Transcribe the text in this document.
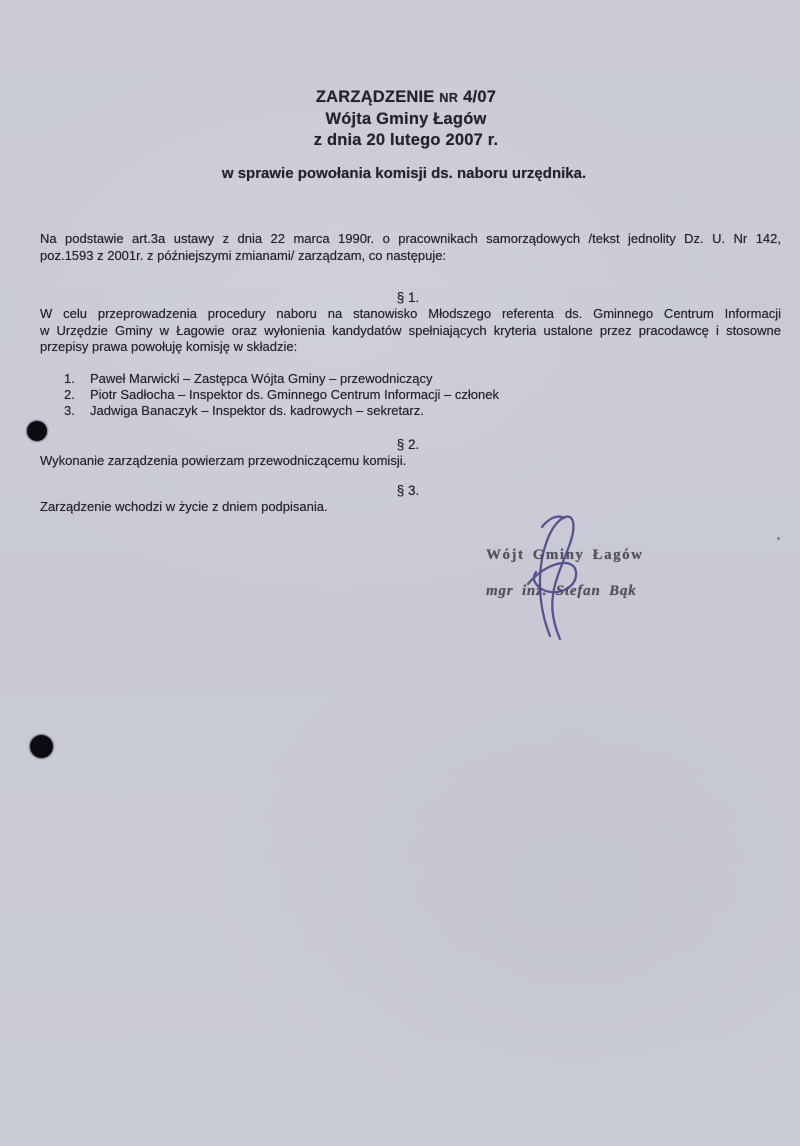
ZARZĄDZENIE NR 4/07
Wójta Gminy Łagów
z dnia 20 lutego 2007 r.
w sprawie powołania komisji ds. naboru urzędnika.
Na podstawie art.3a ustawy z dnia 22 marca 1990r. o pracownikach samorządowych /tekst jednolity Dz. U. Nr 142,
poz.1593 z 2001r. z późniejszymi zmianami/ zarządzam, co następuje:
§ 1.
W celu przeprowadzenia procedury naboru na stanowisko Młodszego referenta ds. Gminnego Centrum Informacji
w Urzędzie Gminy w Łagowie oraz wyłonienia kandydatów spełniających kryteria ustalone przez pracodawcę i stosowne
przepisy prawa powołuję komisję w składzie:
1.	Paweł Marwicki – Zastępca Wójta Gminy – przewodniczący
2.	Piotr Sadłocha – Inspektor ds. Gminnego Centrum Informacji – członek
3.	Jadwiga Banaczyk – Inspektor ds. kadrowych – sekretarz.
§ 2.
Wykonanie zarządzenia powierzam przewodniczącemu komisji.
§ 3.
Zarządzenie wchodzi w życie z dniem podpisania.
Wójt Gminy Łagów
mgr inż. Stefan Bąk
